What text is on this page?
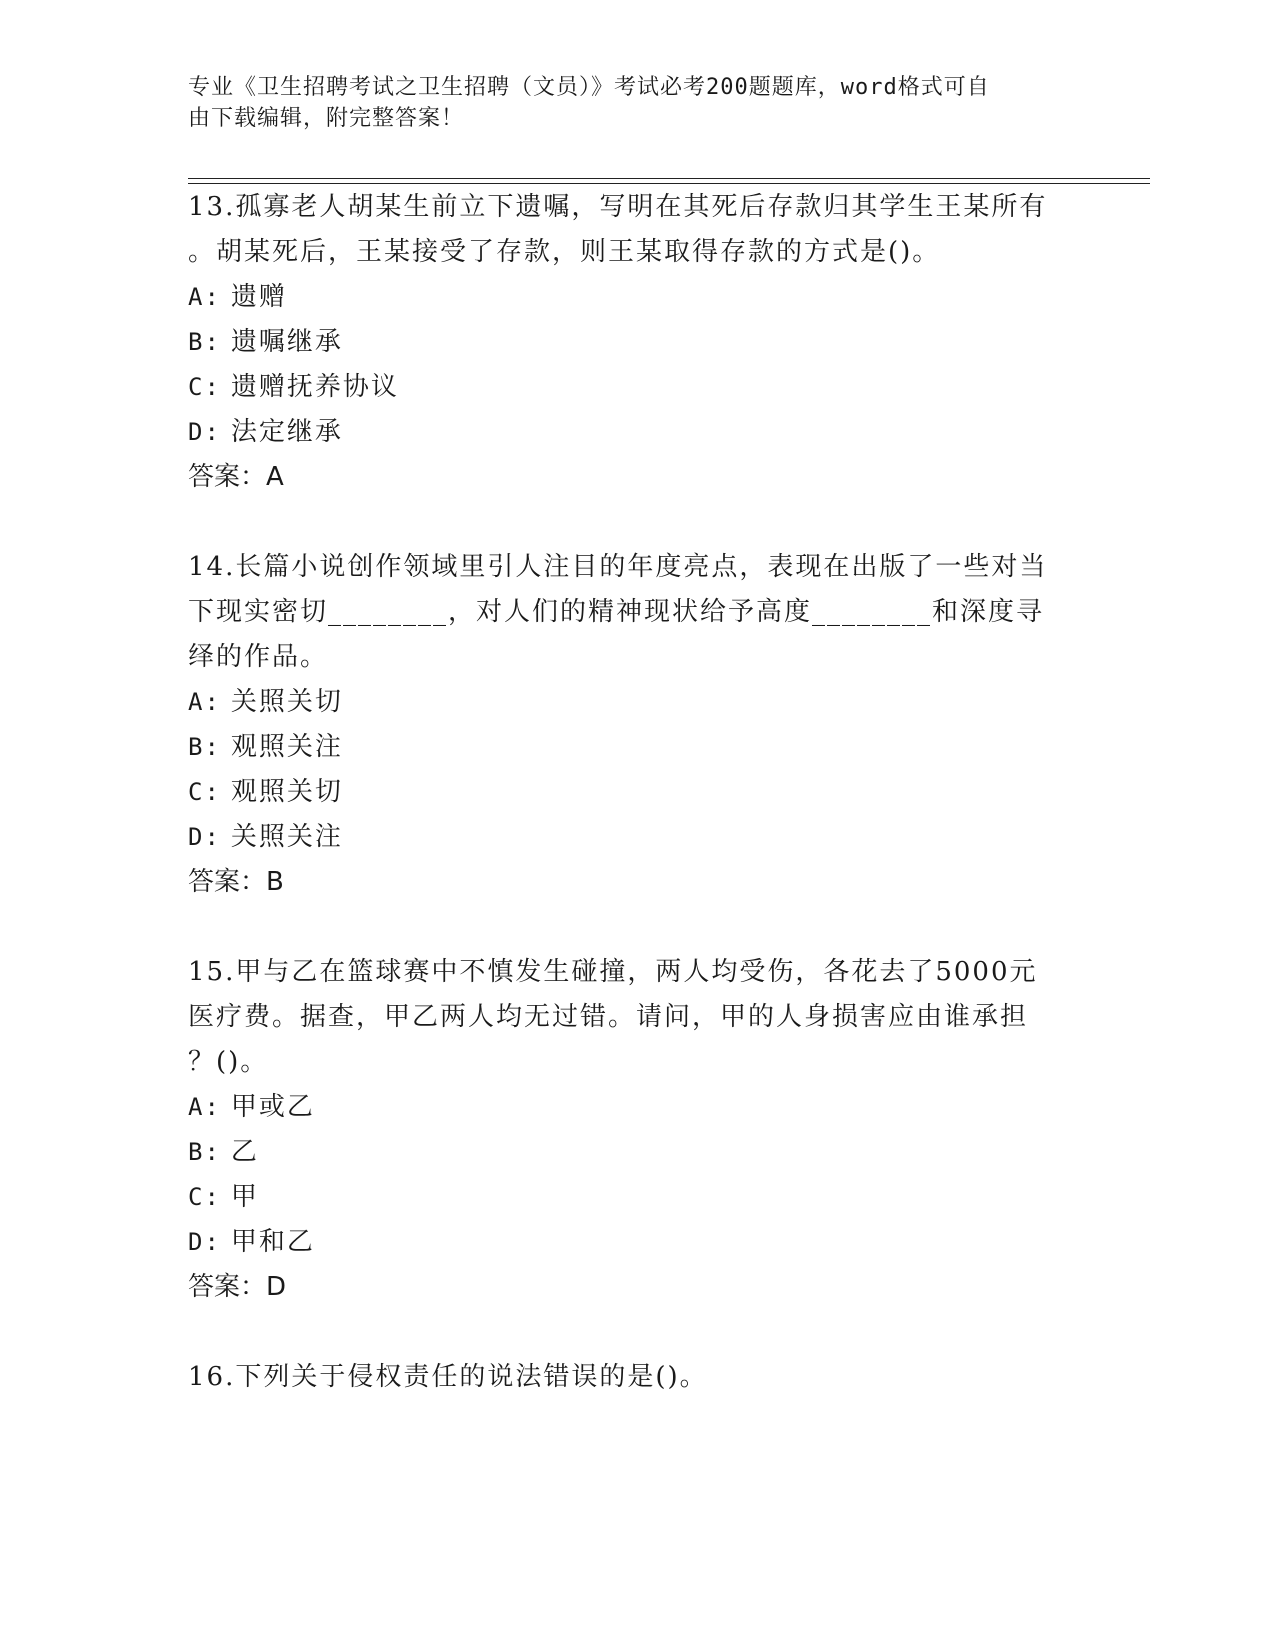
专业《卫生招聘考试之卫生招聘（文员）》考试必考200题题库，word格式可自
由下载编辑，附完整答案！
13.孤寡老人胡某生前立下遗嘱，写明在其死后存款归其学生王某所有
。胡某死后，王某接受了存款，则王某取得存款的方式是()。
A: 遗赠
B: 遗嘱继承
C: 遗赠抚养协议
D: 法定继承
答案：A
14.长篇小说创作领域里引人注目的年度亮点，表现在出版了一些对当
下现实密切________，对人们的精神现状给予高度________和深度寻
绎的作品。
A: 关照关切
B: 观照关注
C: 观照关切
D: 关照关注
答案：B
15.甲与乙在篮球赛中不慎发生碰撞，两人均受伤，各花去了5000元
医疗费。据查，甲乙两人均无过错。请问，甲的人身损害应由谁承担
？()。
A: 甲或乙
B: 乙
C: 甲
D: 甲和乙
答案：D
16.下列关于侵权责任的说法错误的是()。
